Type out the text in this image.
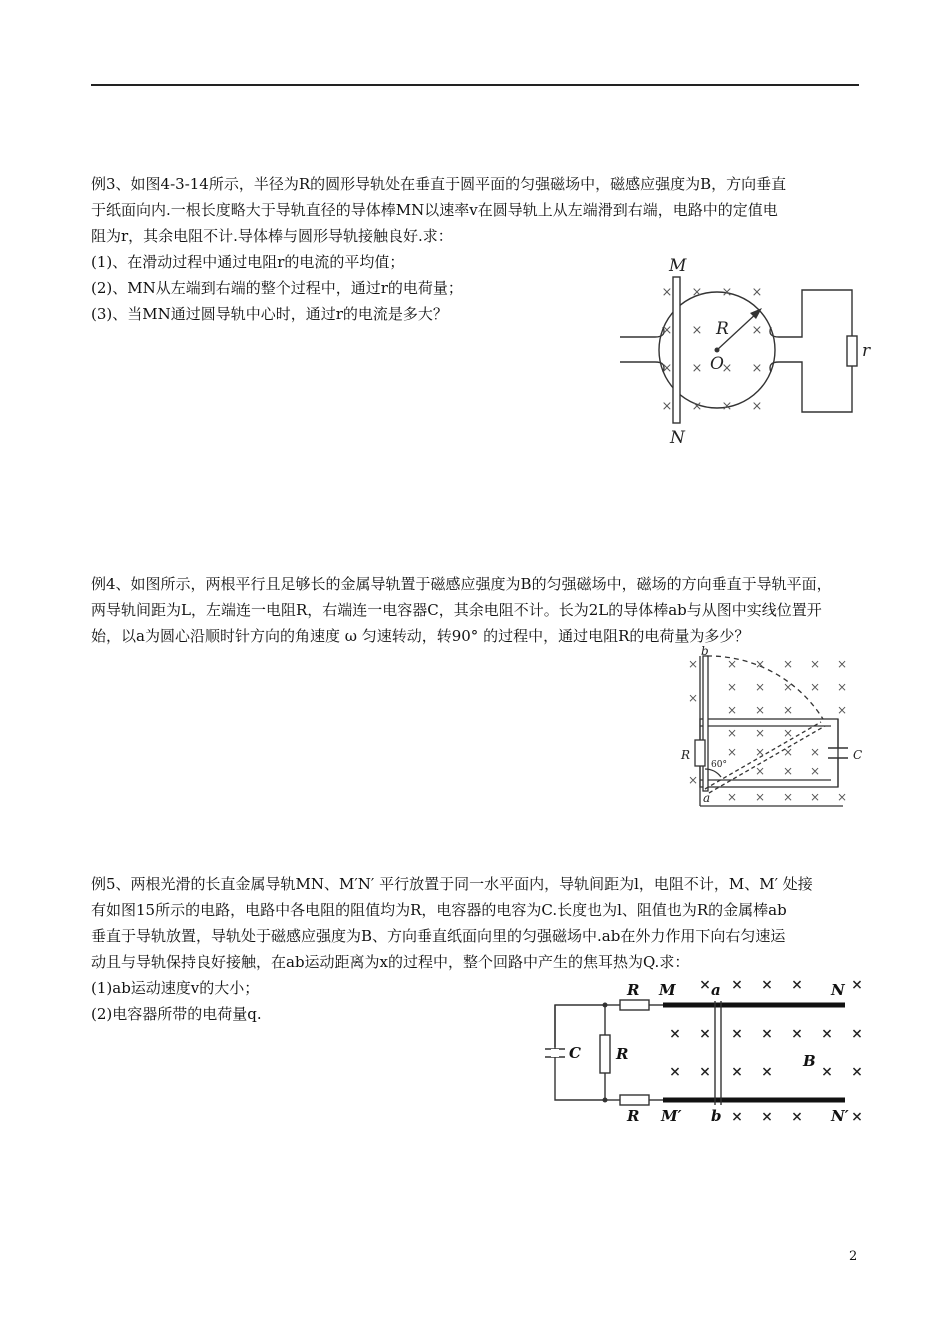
例3、如图4-3-14所示，半径为R的圆形导轨处在垂直于圆平面的匀强磁场中，磁感应强度为B，方向垂直
于纸面向内.一根长度略大于导轨直径的导体棒MN以速率v在圆导轨上从左端滑到右端，电路中的定值电
阻为r，其余电阻不计.导体棒与圆形导轨接触良好.求：
(1)、在滑动过程中通过电阻r的电流的平均值；
(2)、MN从左端到右端的整个过程中，通过r的电荷量；
(3)、当MN通过圆导轨中心时，通过r的电流是多大？
×
×
×
×
× × ×
×	×
× × ×
× × ×
M
N
R
O
r
例4、如图所示，两根平行且足够长的金属导轨置于磁感应强度为B的匀强磁场中，磁场的方向垂直于导轨平面，
两导轨间距为L，左端连一电阻R，右端连一电容器C，其余电阻不计。长为2L的导体棒ab与从图中实线位置开
始，以a为圆心沿顺时针方向的角速度 ω 匀速转动，转90° 的过程中，通过电阻R的电荷量为多少？
× × × × ×
× × × × ×
× × ×	×
× × ×
× × × ×
× × ×
× × × × ×
×
×
×
b
a
R	C
60°
例5、两根光滑的长直金属导轨MN、M′N′ 平行放置于同一水平面内，导轨间距为l，电阻不计，M、M′ 处接
有如图15所示的电路，电路中各电阻的阻值均为R，电容器的电容为C.长度也为l、阻值也为R的金属棒ab
垂直于导轨放置，导轨处于磁感应强度为B、方向垂直纸面向里的匀强磁场中.ab在外力作用下向右匀速运
动且与导轨保持良好接触，在ab运动距离为x的过程中，整个回路中产生的焦耳热为Q.求：
(1)ab运动速度v的大小；
(2)电容器所带的电荷量q.
× × × ×	×
× × × × × × ×
× × × ×	× ×
× × ×	×
R M a	N
C R	B
R M′ b	N′
2
